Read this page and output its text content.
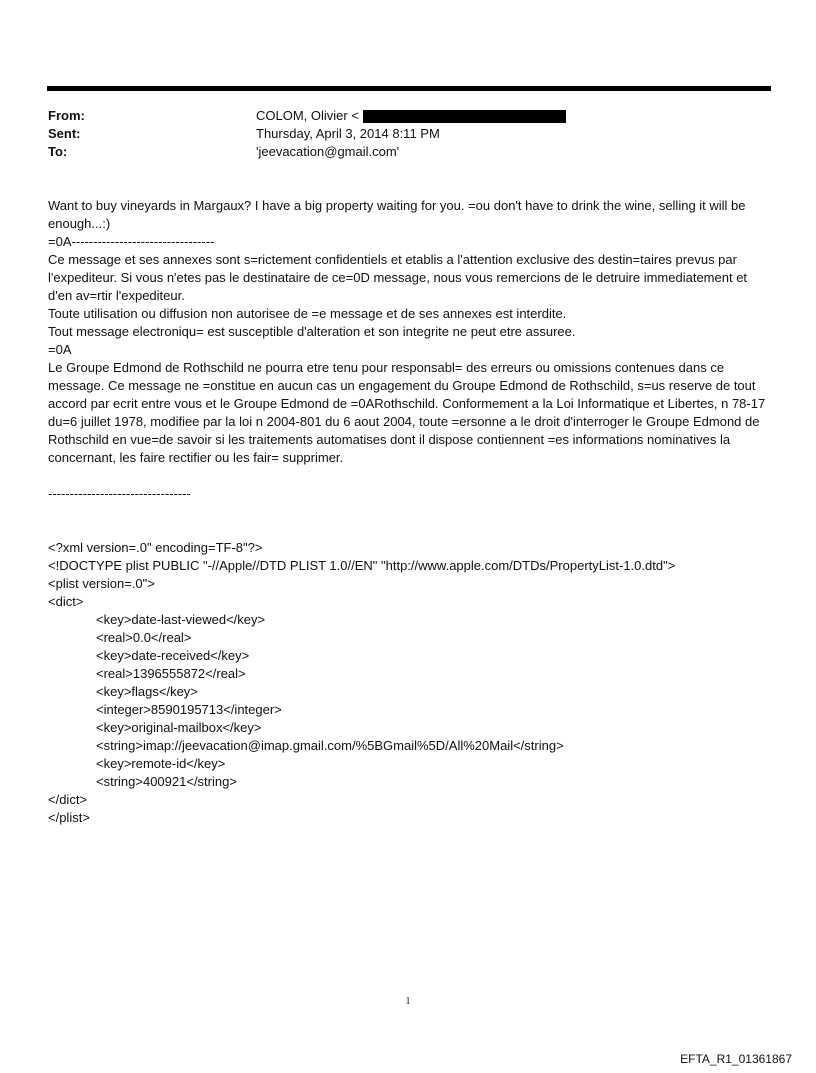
From:	COLOM, Olivier <
Sent:	Thursday, April 3, 2014 8:11 PM
To:	'jeevacation@gmail.com'

Want to buy vineyards in Margaux? I have a big property waiting for you. =ou don't have to drink the wine, selling it will be enough...:)

=0A---------------------------------

Ce message et ses annexes sont s=rictement confidentiels et etablis a l'attention exclusive des destin=taires prevus par l'expediteur. Si vous n'etes pas le destinataire de ce=0D message, nous vous remercions de le detruire immediatement et d'en av=rtir l'expediteur.

Toute utilisation ou diffusion non autorisee de =e message et de ses annexes est interdite.

Tout message electroniqu= est susceptible d'alteration et son integrite ne peut etre assuree.

=0A

Le Groupe Edmond de Rothschild ne pourra etre tenu pour responsabl= des erreurs ou omissions contenues dans ce message. Ce message ne =onstitue en aucun cas un engagement du Groupe Edmond de Rothschild, s=us reserve de tout accord par ecrit entre vous et le Groupe Edmond de =0ARothschild. Conformement a la Loi Informatique et Libertes, n 78-17 du=6 juillet 1978, modifiee par la loi n 2004-801 du 6 aout 2004, toute =ersonne a le droit d'interroger le Groupe Edmond de Rothschild en vue=de savoir si les traitements automatises dont il dispose contiennent =es informations nominatives la concernant, les faire rectifier ou les fair= supprimer.

---------------------------------

<?xml version=.0" encoding=TF-8"?>

<!DOCTYPE plist PUBLIC "-//Apple//DTD PLIST 1.0//EN" "http://www.apple.com/DTDs/PropertyList-1.0.dtd">

<plist version=.0">

<dict>

<key>date-last-viewed</key>

<real>0.0</real>

<key>date-received</key>

<real>1396555872</real>

<key>flags</key>

<integer>8590195713</integer>

<key>original-mailbox</key>

<string>imap://jeevacation@imap.gmail.com/%5BGmail%5D/All%20Mail</string>

<key>remote-id</key>

<string>400921</string>

</dict>

</plist>

1
EFTA_R1_01361867
